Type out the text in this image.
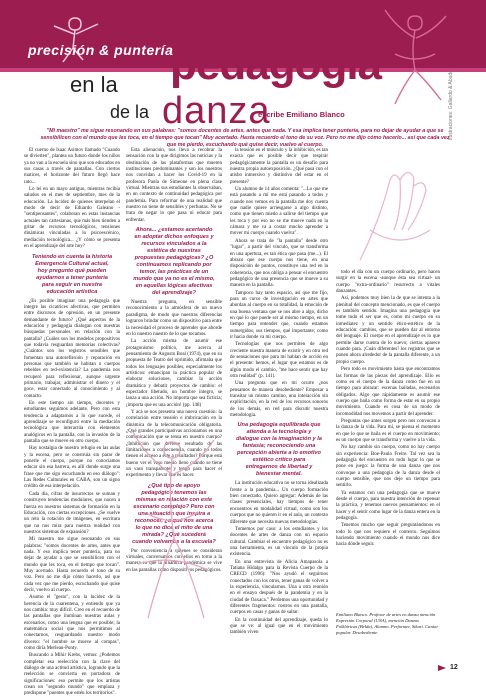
precisión & puntería
en la pedagogía
de la danza
escribe Emiliano Blanco	Ilustraciones: Gallardo & Abudo
"Mi maestro" me sigue resonando en sus palabras: "somos docentes de artes, antes que nada. Y esa implica tener puntería, para no dejar de ayudar a que se sensibilicen con el mundo que les toca, en el tiempo que tocan" Muy acertado. Hasta recuerdo el tono de su voz. Pero no me dijo cómo hacerlo... así que cada vez que me pierdo, escuchando qué quise decir, vuelvo al cuerpo.

El cuerno de Isaac Asimov llamado "Cuando se divierten", plantea un futuro donde los niños ya no van a la escuela sino que son educados en sus casas a través de pantallas. Con ciertos matices, el horizonte del futuro llegó hace rato...

Lo leí en un mayo antiguo, mientras recibía saludos en el mes de septiembre, mes de la educación. La lucidez de quienes interpelan el modo de decir de Eduardo Galeano -"sentipensantes", colaboran en estas instancias actuales tan cartesianas, que más bien tienden a gritar de recursos tecnológicos, tensiones dinámicas vinculadas a lo psicoescénico, mediación tecnológica... ¿Y cómo se presenta en el aprendizaje del arte hoy?

Teniendo en cuenta la historia Emergencia Cultural actual, hoy pregunto qué pueden ayudarnos a tener puntería para seguir en nuestra educación artística

¿Es posible imaginar una pedagogía que integre las cicatrices afectivas, que permiten entre discursos de opresión, en un presente demandante de futuro? ¿Qué aspectos de la educación y pedagogía dialogan con nuestras búsquedas personales en relación con la pantalla? ¿Cuáles son los modelos propositivos que todavía resguardan memorias colectivas? ¿Cuántos son los registros sensibles que fomentan una autoreflexión y reparación en personas que también se habitan o cuerpos rebeldes en red-existencia? La pandemia nos recuperó para reflexionar, aunque urgente primario, trabajar, administrar el dinero y el goce, estar conectado al conocimiento y al contacto.

En este tiempo sin tiempo, docentes y estudiantes seguimos adelante. Pero con esta tendencia a adaptarnos a lo que sucede, el aprendizaje se reconfiguró entre la mediación tecnológica que interactúa con elementos analógicos en la pantalla, con la invasión de la pantalla que se mueve en otro cuerpo.

Hay nostalgia de nuestro refugio en las aulas y la escena, pero se construía sin parar de ponerle el cuerpo, porque no conocíamos educar sin esa barrera, es allí donde surge una frase que me sigo escuchando en eso diálogo": Las Redes Culturales en CABA, son un signo crédito de esa interpelación.

Cada día, cifras de insurrectos se suman y construyen tendencias modulares, que nacen a fuerza en nuestros sistemas de formación en la Educación, con ciertas excepciones. ¿Se vuelve un reto la rotación de imágenes, en escritura que no nos mira para nuestra realidad con nuestros sistemas de expansión?

Mi maestro me sigue resonando en sus palabras: "somos docentes de artes, antes que nada. Y eso implica tener puntería, para no dejar de ayudar a que se sensibilicen con el mundo que les toca, en el tiempo que tocan". Muy acertado. Hasta recuerdo el tono de su voz. Pero no me dijo cómo hacerlo, así que cada vez que me pierdo, escuchando qué quise decir, vuelvo al cuerpo.

Asumo el "gesto", con la lucidez de la herencia de la cuarentena, y entiendo que ya nos cambia: muy difícil. Creo en el recuerdo de las pantallas que iluminan nuestras aulas y escenarios, como una lengua que es posible; la matemática social que nos permitimos al conectarnos, resguardando nuestro modo diverso: "el hombre se mueve al compas", como diría Merleau-Ponty.

Buscando a Mihir Krebs, vemos: ¿Podemos completar esa reelección con la clave del diálogo de una actitud artística, logrando que la reelección se convierta en portadora de significaciones: eso permite que los artistas crean un "segundo mundo" que emplaza y predispone "puentes que estén los territorios".

Esta alienación, nos lleva a recobrar la sensación con la que dirigimos las noticias y la obstinación de las plataformas que mueren instituciones predominantes y son los nuestros nos convidan a hacer los Covid-19 en la profesora Paola de Simeone en plena clase virtual. Mientras sus estudiantes la observaban, en un contexto de continuidad pedagógica por pandemia. Para reformar de una realidad que nuestro no tiene de sensibles y perfuntas. No se trata de negar lo que pasa ni educar para enfrentar.

Ahora... ¿estamos acertando en adoptar dichos enfoques y recursos vinculados a la estética de nuestras propuestas pedagógicas? ¿O continuamos replicando por temor, las prácticas de un mundo que ya no es el mismo, en aquellas lógicas afectivas del aprendizaje?

Nuestra pregunta, en sensible reconocimiento a la atmósfera de un nuevo paradigma, de modo que nuestras diferencias lograron brindar como un dispositivo para entre la necesidad el proceso de aprender que aborde en lo nuestro nuestro de lo que tocamos.

La acción misma de asumir ese protagonismo político, me acerca al pensamiento de Augusto Boal (1974), que en su propuesta de Teatro del oprimido, afirmaba que todos los lenguajes posibles, especialmente los artísticos: emancipan la práctica popular de elaborar soluciones, cambiar la acción dramática y debatir proyectos de cambio: el espectador liberado, un hombre íntegro, se lanza a una acción. No importa que sea ficticia; ¡importa que es una acción! (pp. 148)

Y acá se nos presenta una nueva cuestión: la correlación entre tensión e imbricación en la dinámica de la telecomunicación obligatoria. ¿Qué grandes participativas accionamos en una comunicación que se tensa en nuestro cuerpo? ¿Inhibición que deviene resultado de las limitaciones a consecuencia, cuando no todos tienen el acceso a éste a resultados? Porque está bueno ver el vaso medio lleno cuando se tiene un vaso transparente y tengo para hacer el experimento y llevar que es hacer.

¿Qué tipo de apoyo pedagógico tenemos las mismas en relación con este escenario complejo? Pero con una situación que inspira a reconocer, ¿a qué nos acerca lo que no dice el mito de una mirada? ¿Qué sucederá cuando volvamos a la escuela?

Por conveniencia a quienes se consideran virtuales, conversamos con ellos en torno a la manera en que la dinámica pandémica se vive en las pantallas como dispositivos pedagógicos.

la tensión en el músculo y la inhibición, es tan exacta que es posible decir que respirar pedagógicamente la pantalla es un desafío para nuestra propia autoexposición. ¿Qué pasa con el atisbo inmersivo y distintivo del estar en el presente?

Un alumno de 14 años comenta: "...Lo que me está pasando a mí me está pasando a todos y cuando nos vemos en la pantalla me doy cuenta que nadie quiere arriesgarse a algo distinto, como que tienen miedo a salirse del tiempo que les toca y por eso no se me mueve nada en la cámara y me va a costar mucho aprender a mover mi cuerpo cuando vuelva".

Ahora se trata de "la pantalla" desde otro "lugar", a partir del vínculo, que se transforma en una apertura, es tan ética que pasa (me...). El abrazo que ese cuerpo nos tiene, en una disposición de puntos, constituye una red en la coherencia, que nos obliga a pensar el encuentro pedagógico de una presencia que se mueve a su manera en la pantalla.

Tampoco hay tanto espacio, así que me fijo, para un curso de investigación en artes que abordan al cuerpo en su totalidad, la emoción de una buena ventana que se nos abre a algo, dicho en qué lo que puede ser al mismo tiempo, en un tiempo para entender que, cuando estamos sumergidos, sus tiempos, qué importante; como ir hacia donde va mi cuerpo.

Tecnologías que nos permiten de algo creciente nuestra manera de existir y en otra red de sensaciones que para mí hablan de acción en el presente: hemos, el lugar que estamos es de algún modo el cambio, "me hace sentir que hay otra realidad" (p. 141).

Una pregunta que en mí ocurre ¿nos pensamos de manera desobediente? Empezar a transitar un mismo camino, una interacción sin explicitación, en la red de los recursos sonoros de los demás, en red para discutir nuestra metodología.

Una pedagogía equilibrada que atienda a la tecnología y dialogue con la imaginación y la fantasía; reconociendo una percepción abierta a lo emotivo estético crítico para entregarnos de libertad y bienestar mental.

La institución educativa no se torna idealizada frente a la pandemia... Un cuerpo formación bien conectado. Quiero agregar: Además de las clases presenciales, hay tiempos de tener encuentros en modalidad virtual, como son los cuerpos que no quieren ir en el aula, un contexto diferente que necesita nuevas metodologías.

Tomemos por caso: a los estudiantes y los docentes de artes de danza con un espacio cultural. Cambiar el encuentro pedagógico no es una herramienta, es un vínculo de la propia existencia.

En una entrevista de Alicia Amapasola a Tatiana Hidalgo para la Revista Cuerpo de la CRECD (1996): "Nos ayudó el seguirnos conectados con los otros, tener ganas de volver a la experiencia, vincularnos. Una a otra reunión en el ensayo después de la pandemia y en la ciudad de Oaxaca." Perdemos una oportunidad y diferentes fragmentos: rostros en una pantalla, cuerpos en casas y ganas de saltar.

En la continuidad del aprendizaje, queda lo que se ve: al igual que en el movimiento también viven

todo el día con un cuerpo ordinario, pero hacen surgir en la escena -aunque ésta sea virtual- un cuerpo "extra-ordinario" resurrecto a vitales danzantes.

Así, podemos muy bien la de que se intenta a la plenitud del concepto mencionado, es que el cuerpo es también sentido. Imagina una pedagogía que tome todo el ser que es, como mi cuerpo en su inmediatez y un sentido ético-estético de la educación: cambios, que se pueden dar al entorno del lenguaje. El cuerpo en el aprendizaje es lo que permite darse cuenta de lo nuevo; ciertas aparece cuando para. ¡Cuán diferentes! los registros que se ponen ahora alrededor de la pantalla diferente, a un propio cuerpo.

Pero todo es movimiento hasta que encontramos las formas de las piezas del aprendizaje. Ello es como en el cuerpo de la danza como fue en un tiempo para abrazar: escenas bailadas, escenarios obligados. Algo que rápidamente es asumir ese cuerpo que baila como forma de estar en su propio movimiento. Cuando es cosa de un modo de incomodidad nos movemos a partir del aprender.

Preguntas que antes surgen pero nos convocan a la danza de la vida. Para mí, se piensa el momento en que lo que se baila es el cuerpo en movimiento; es un cuerpo que se transforma y vuelve a la vida.

No hay cambio sin cuerpo, como no hay cuerpo sin experiencia: Boe-Paulo Freire. Tal vez sea la pedagogía del encuentro en todo lugar lo que se pone en juego: la forma de una danza que nos convoque a una pedagogía de la danza desde el cuerpo sensible, que nos deje un tiempo para sentirlo.

Ya estamos con una pedagogía que se mueve desde el cuerpo, para nuestra intención de repensar la práctica, y tenemos nuevos pensamientos: en el hacer y el sentir como lugar de la danza entera en la pedagogía.

Tenemos mucho que seguir preguntándonos en todo lo que nos requiere el contexto. Seguimos haciendo movimiento cuando el mundo nos dice hacia dónde seguir.

Emiliano Blanco. Profesor de artes en danza mención Expresión Corporal (UNA), mención Danzas Folklóricas (Belda), Alumno. Performer, Sikuri. Cantor popular. Desobediente.
12
